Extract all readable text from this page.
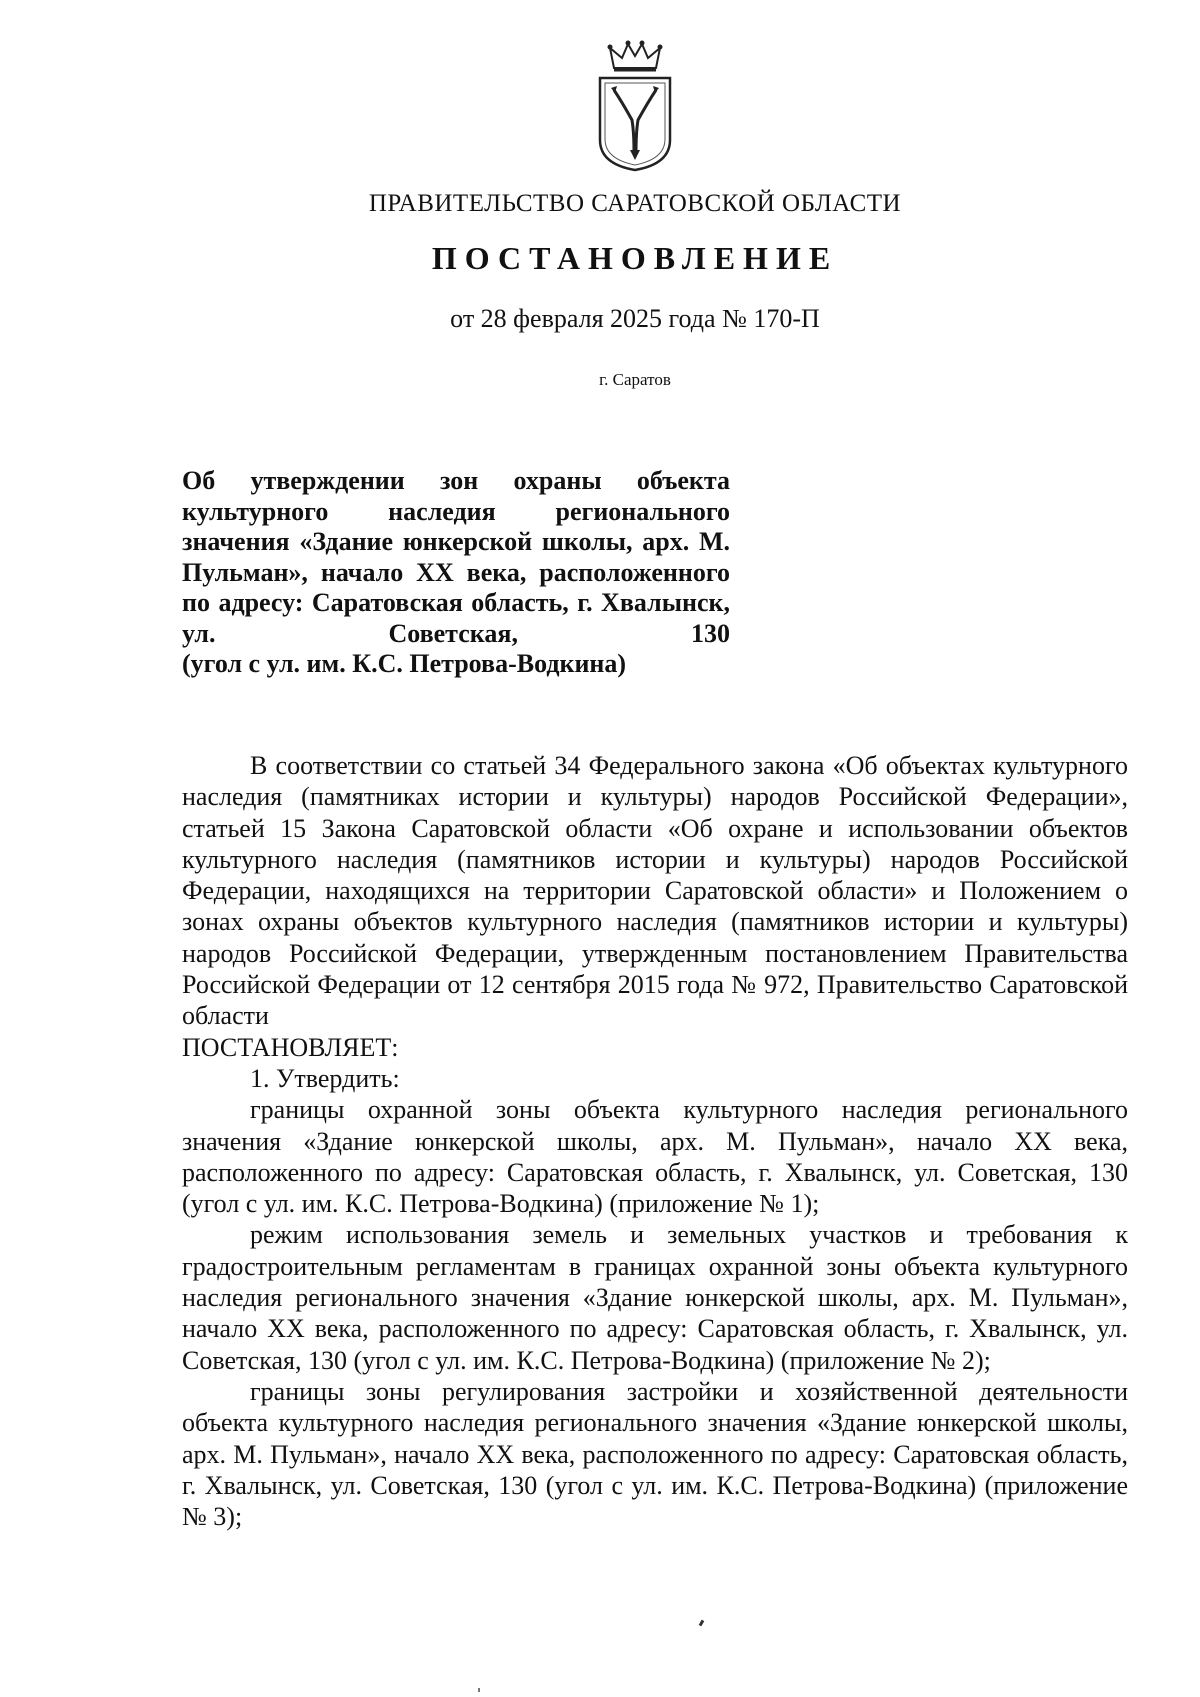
ПРАВИТЕЛЬСТВО САРАТОВСКОЙ ОБЛАСТИ
ПОСТАНОВЛЕНИЕ
от 28 февраля 2025 года № 170-П
г. Саратов
Об утверждении зон охраны объекта культурного наследия регионального значения «Здание юнкерской школы, арх. М. Пульман», начало XX века, расположенного по адресу: Саратовская область, г. Хвалынск, ул. Советская, 130
(угол с ул. им. К.С. Петрова-Водкина)

В соответствии со статьей 34 Федерального закона «Об объектах культурного наследия (памятниках истории и культуры) народов Российской Федерации», статьей 15 Закона Саратовской области «Об охране и использовании объектов культурного наследия (памятников истории и культуры) народов Российской Федерации, находящихся на территории Саратовской области» и Положением о зонах охраны объектов культурного наследия (памятников истории и культуры) народов Российской Федерации, утвержденным постановлением Правительства Российской Федерации от 12 сентября 2015 года № 972, Правительство Саратовской области

ПОСТАНОВЛЯЕТ:

1. Утвердить:

границы охранной зоны объекта культурного наследия регионального значения «Здание юнкерской школы, арх. М. Пульман», начало XX века, расположенного по адресу: Саратовская область, г. Хвалынск, ул. Советская, 130 (угол с ул. им. К.С. Петрова-Водкина) (приложение № 1);

режим использования земель и земельных участков и требования к градостроительным регламентам в границах охранной зоны объекта культурного наследия регионального значения «Здание юнкерской школы, арх. М. Пульман», начало XX века, расположенного по адресу: Саратовская область, г. Хвалынск, ул. Советская, 130 (угол с ул. им. К.С. Петрова-Водкина) (приложение № 2);

границы зоны регулирования застройки и хозяйственной деятельности объекта культурного наследия регионального значения «Здание юнкерской школы, арх. М. Пульман», начало XX века, расположенного по адресу: Саратовская область, г. Хвалынск, ул. Советская, 130 (угол с ул. им. К.С. Петрова-Водкина) (приложение № 3);
